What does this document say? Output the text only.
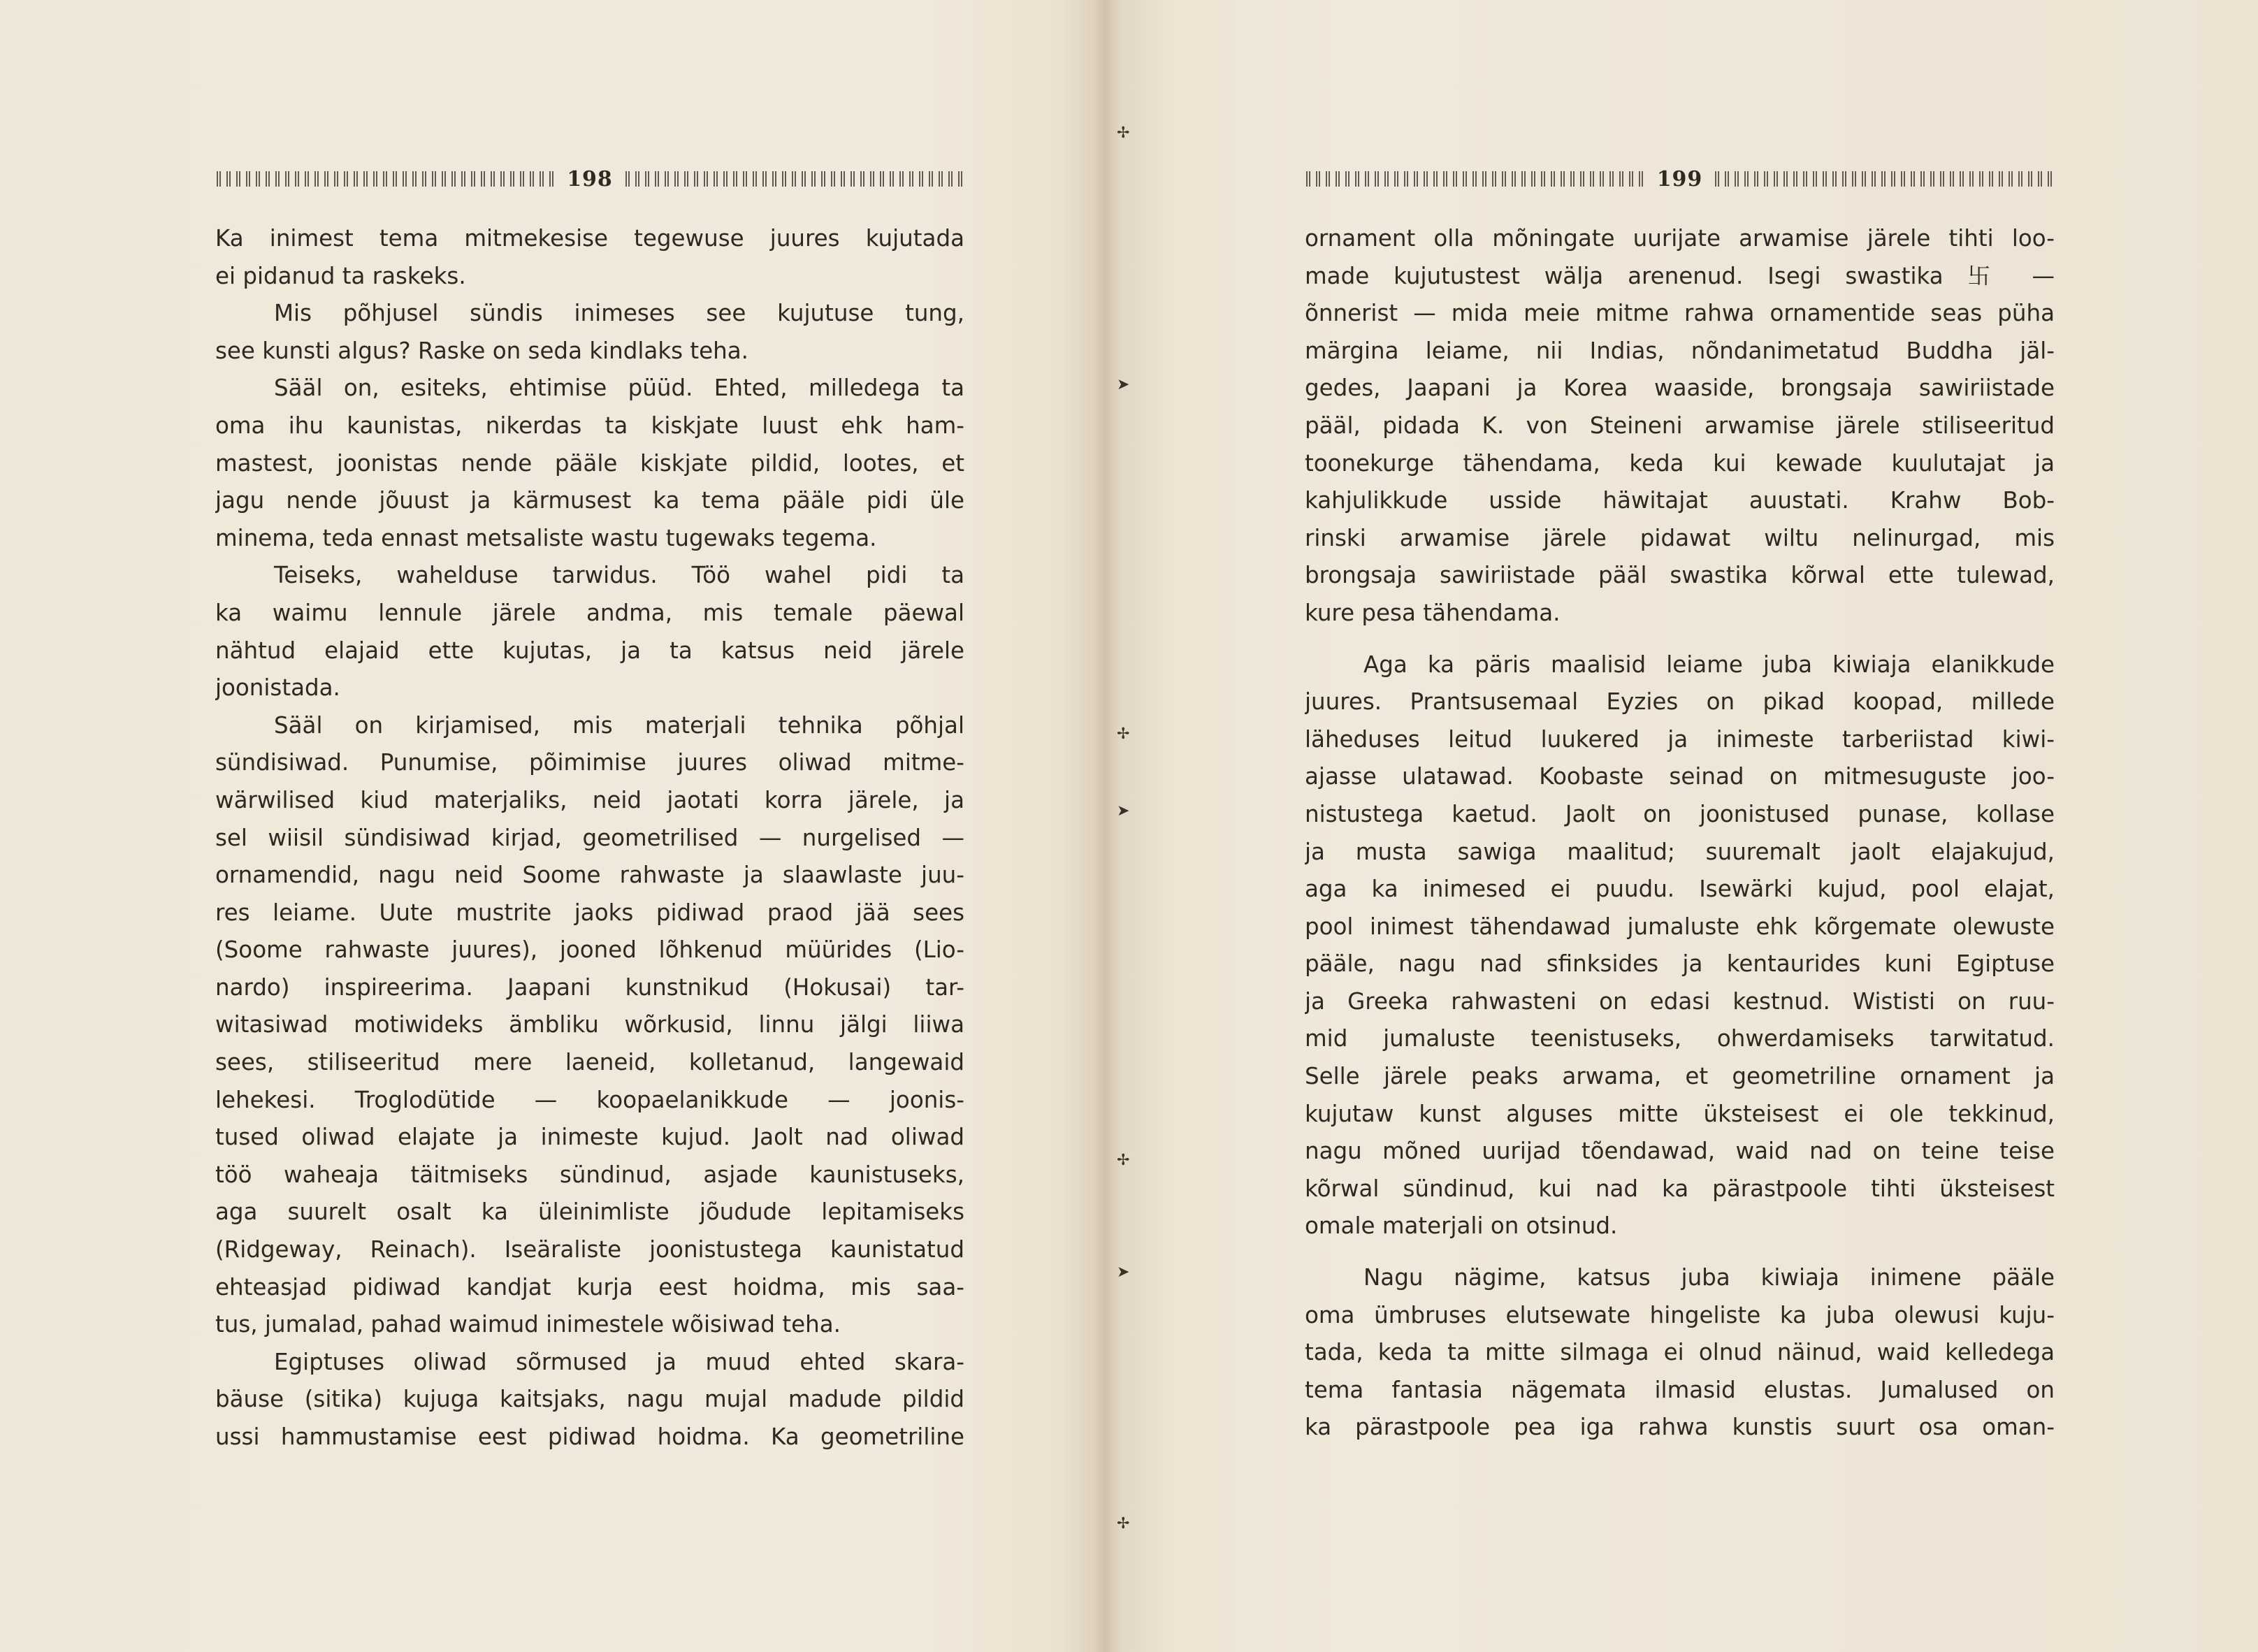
198
Ka inimest tema mitmekesise tegewuse juures kujutada
ei pidanud ta raskeks.
Mis põhjusel sündis inimeses see kujutuse tung,
see kunsti algus? Raske on seda kindlaks teha.
Sääl on, esiteks, ehtimise püüd. Ehted, milledega ta
oma ihu kaunistas, nikerdas ta kiskjate luust ehk ham-
mastest, joonistas nende pääle kiskjate pildid, lootes, et
jagu nende jõuust ja kärmusest ka tema pääle pidi üle
minema, teda ennast metsaliste wastu tugewaks tegema.
Teiseks, wahelduse tarwidus. Töö wahel pidi ta
ka waimu lennule järele andma, mis temale päewal
nähtud elajaid ette kujutas, ja ta katsus neid järele
joonistada.
Sääl on kirjamised, mis materjali tehnika põhjal
sündisiwad. Punumise, põimimise juures oliwad mitme-
wärwilised kiud materjaliks, neid jaotati korra järele, ja
sel wiisil sündisiwad kirjad, geometrilised — nurgelised —
ornamendid, nagu neid Soome rahwaste ja slaawlaste juu-
res leiame. Uute mustrite jaoks pidiwad praod jää sees
(Soome rahwaste juures), jooned lõhkenud müürides (Lio-
nardo) inspireerima. Jaapani kunstnikud (Hokusai) tar-
witasiwad motiwideks ämbliku wõrkusid, linnu jälgi liiwa
sees, stiliseeritud mere laeneid, kolletanud, langewaid
lehekesi. Troglodütide — koopaelanikkude — joonis-
tused oliwad elajate ja inimeste kujud. Jaolt nad oliwad
töö waheaja täitmiseks sündinud, asjade kaunistuseks,
aga suurelt osalt ka üleinimliste jõudude lepitamiseks
(Ridgeway, Reinach). Iseäraliste joonistustega kaunistatud
ehteasjad pidiwad kandjat kurja eest hoidma, mis saa-
tus, jumalad, pahad waimud inimestele wõisiwad teha.
Egiptuses oliwad sõrmused ja muud ehted skara-
bäuse (sitika) kujuga kaitsjaks, nagu mujal madude pildid
ussi hammustamise eest pidiwad hoidma. Ka geometriline
199
ornament olla mõningate uurijate arwamise järele tihti loo-
made kujutustest wälja arenenud. Isegi swastika 卐 —
õnnerist — mida meie mitme rahwa ornamentide seas püha
märgina leiame, nii Indias, nõndanimetatud Buddha jäl-
gedes, Jaapani ja Korea waaside, brongsaja sawiriistade
pääl, pidada K. von Steineni arwamise järele stiliseeritud
toonekurge tähendama, keda kui kewade kuulutajat ja
kahjulikkude usside häwitajat auustati. Krahw Bob-
rinski arwamise järele pidawat wiltu nelinurgad, mis
brongsaja sawiriistade pääl swastika kõrwal ette tulewad,
kure pesa tähendama.
Aga ka päris maalisid leiame juba kiwiaja elanikkude
juures. Prantsusemaal Eyzies on pikad koopad, millede
läheduses leitud luukered ja inimeste tarberiistad kiwi-
ajasse ulatawad. Koobaste seinad on mitmesuguste joo-
nistustega kaetud. Jaolt on joonistused punase, kollase
ja musta sawiga maalitud; suuremalt jaolt elajakujud,
aga ka inimesed ei puudu. Isewärki kujud, pool elajat,
pool inimest tähendawad jumaluste ehk kõrgemate olewuste
pääle, nagu nad sfinksides ja kentaurides kuni Egiptuse
ja Greeka rahwasteni on edasi kestnud. Wististi on ruu-
mid jumaluste teenistuseks, ohwerdamiseks tarwitatud.
Selle järele peaks arwama, et geometriline ornament ja
kujutaw kunst alguses mitte üksteisest ei ole tekkinud,
nagu mõned uurijad tõendawad, waid nad on teine teise
kõrwal sündinud, kui nad ka pärastpoole tihti üksteisest
omale materjali on otsinud.
Nagu nägime, katsus juba kiwiaja inimene pääle
oma ümbruses elutsewate hingeliste ka juba olewusi kuju-
tada, keda ta mitte silmaga ei olnud näinud, waid kelledega
tema fantasia nägemata ilmasid elustas. Jumalused on
ka pärastpoole pea iga rahwa kunstis suurt osa oman-
✢
➤
✢
➤
✢
➤
✢
